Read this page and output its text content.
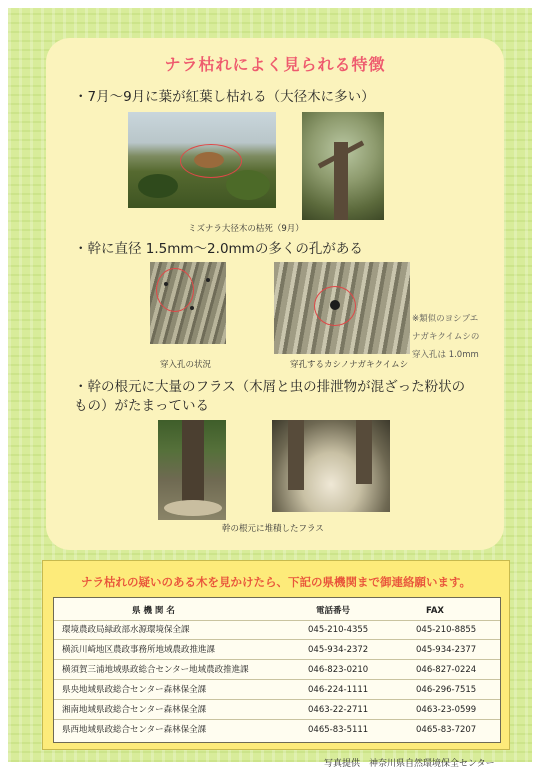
ナラ枯れによく見られる特徴
・7月～9月に葉が紅葉し枯れる（大径木に多い）
ミズナラ大径木の枯死（9月）
・幹に直径 1.5mm～2.0mmの多くの孔がある
※類似のヨシブエ
ナガキクイムシの
穿入孔は 1.0mm
穿入孔の状況	穿孔するカシノナガキクイムシ
・幹の根元に大量のフラス（木屑と虫の排泄物が混ざった粉状のもの）がたまっている
幹の根元に堆積したフラス
ナラ枯れの疑いのある木を見かけたら、下記の県機関まで御連絡願います。
県 機 関 名	電話番号	FAX
環境農政局緑政部水源環境保全課	045-210-4355	045-210-8855
横浜川崎地区農政事務所地域農政推進課	045-934-2372	045-934-2377
横須賀三浦地域県政総合センター地域農政推進課	046-823-0210	046-827-0224
県央地域県政総合センター森林保全課	046-224-1111	046-296-7515
湘南地域県政総合センター森林保全課	0463-22-2711	0463-23-0599
県西地域県政総合センター森林保全課	0465-83-5111	0465-83-7207
写真提供　神奈川県自然環境保全センター
